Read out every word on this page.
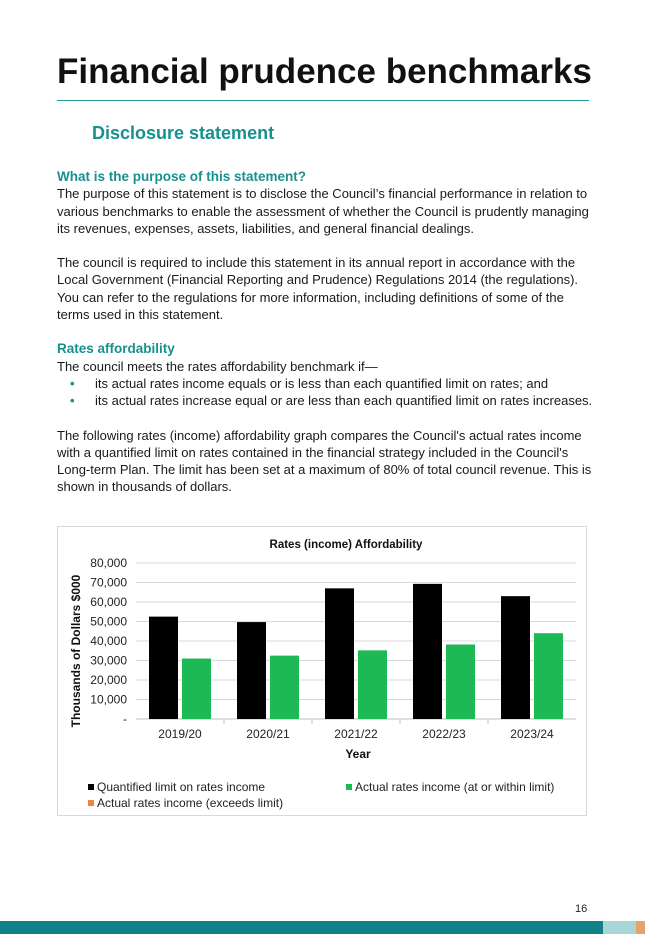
Financial prudence benchmarks
Disclosure statement
What is the purpose of this statement?

The purpose of this statement is to disclose the Council’s financial performance in relation to various benchmarks to enable the assessment of whether the Council is prudently managing its revenues, expenses, assets, liabilities, and general financial dealings.

The council is required to include this statement in its annual report in accordance with the Local Government (Financial Reporting and Prudence) Regulations 2014 (the regulations). You can refer to the regulations for more information, including definitions of some of the terms used in this statement.

Rates affordability

The council meets the rates affordability benchmark if—

• its actual rates income equals or is less than each quantified limit on rates; and
• its actual rates increase equal or are less than each quantified limit on rates increases.

The following rates (income) affordability graph compares the Council's actual rates income with a quantified limit on rates contained in the financial strategy included in the Council's Long-term Plan. The limit has been set at a maximum of 80% of total council revenue. This is shown in thousands of dollars.

Rates (income) Affordability
-
10,000
20,000
30,000
40,000
50,000
60,000
70,000
80,000
2019/20	2020/21	2021/22	2022/23	2023/24
Year
Thousands of Dollars $000
Quantified limit on rates income	Actual rates income (at or within limit)
Actual rates income (exceeds limit)
16
